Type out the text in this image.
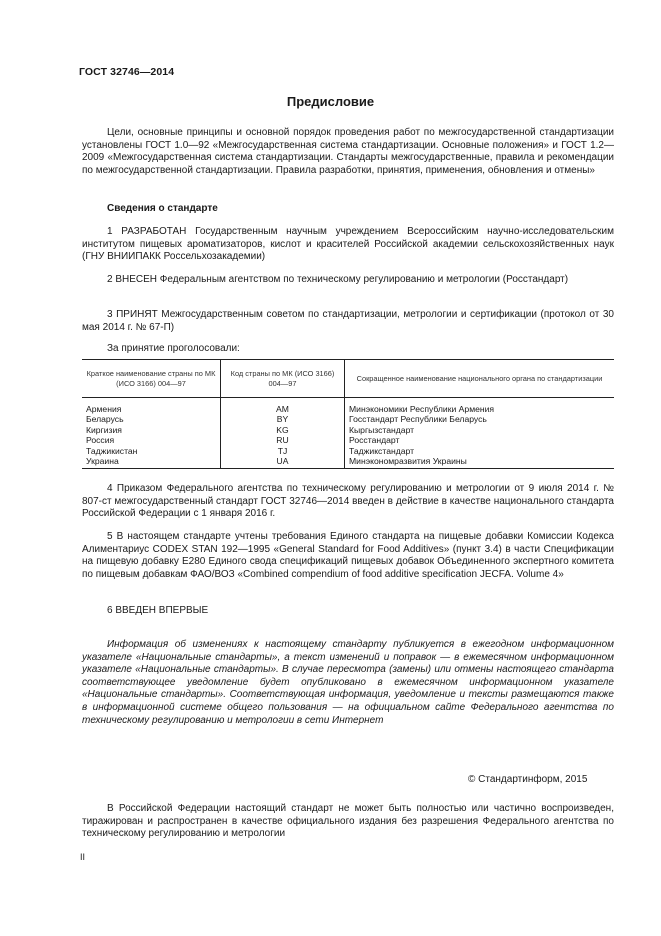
ГОСТ 32746—2014
Предисловие

Цели, основные принципы и основной порядок проведения работ по межгосударственной стандартизации установлены ГОСТ 1.0—92 «Межгосударственная система стандартизации. Основные положения» и ГОСТ 1.2—2009 «Межгосударственная система стандартизации. Стандарты межгосударственные, правила и рекомендации по межгосударственной стандартизации. Правила разработки, принятия, применения, обновления и отмены»

Сведения о стандарте

1 РАЗРАБОТАН Государственным научным учреждением Всероссийским научно-исследовательским институтом пищевых ароматизаторов, кислот и красителей Российской академии сельскохозяйственных наук (ГНУ ВНИИПАКК Россельхозакадемии)

2 ВНЕСЕН Федеральным агентством по техническому регулированию и метрологии (Росстандарт)

3 ПРИНЯТ Межгосударственным советом по стандартизации, метрологии и сертификации (протокол от 30 мая 2014 г. № 67-П)

За принятие проголосовали:

Краткое наименование страны по МК (ИСО 3166) 004—97	Код страны по МК (ИСО 3166) 004—97	Сокращенное наименование национального органа по стандартизации
Армения	AM	Минэкономики Республики Армения
Беларусь	BY	Госстандарт Республики Беларусь
Киргизия	KG	Кыргызстандарт
Россия	RU	Росстандарт
Таджикистан	TJ	Таджикстандарт
Украина	UA	Минэкономразвития Украины

4 Приказом Федерального агентства по техническому регулированию и метрологии от 9 июля 2014 г. № 807-ст межгосударственный стандарт ГОСТ 32746—2014 введен в действие в качестве национального стандарта Российской Федерации с 1 января 2016 г.

5 В настоящем стандарте учтены требования Единого стандарта на пищевые добавки Комиссии Кодекса Алиментариус CODEX STAN 192—1995 «General Standard for Food Additives» (пункт 3.4) в части Спецификации на пищевую добавку Е280 Единого свода спецификаций пищевых добавок Объединенного экспертного комитета по пищевым добавкам ФАО/ВОЗ «Combined compendium of food additive specification JECFA. Volume 4»

6 ВВЕДЕН ВПЕРВЫЕ

Информация об изменениях к настоящему стандарту публикуется в ежегодном информационном указателе «Национальные стандарты», а текст изменений и поправок — в ежемесячном информационном указателе «Национальные стандарты». В случае пересмотра (замены) или отмены настоящего стандарта соответствующее уведомление будет опубликовано в ежемесячном информационном указателе «Национальные стандарты». Соответствующая информация, уведомление и тексты размещаются также в информационной системе общего пользования — на официальном сайте Федерального агентства по техническому регулированию и метрологии в сети Интернет

© Стандартинформ, 2015

В Российской Федерации настоящий стандарт не может быть полностью или частично воспроизведен, тиражирован и распространен в качестве официального издания без разрешения Федерального агентства по техническому регулированию и метрологии

II
